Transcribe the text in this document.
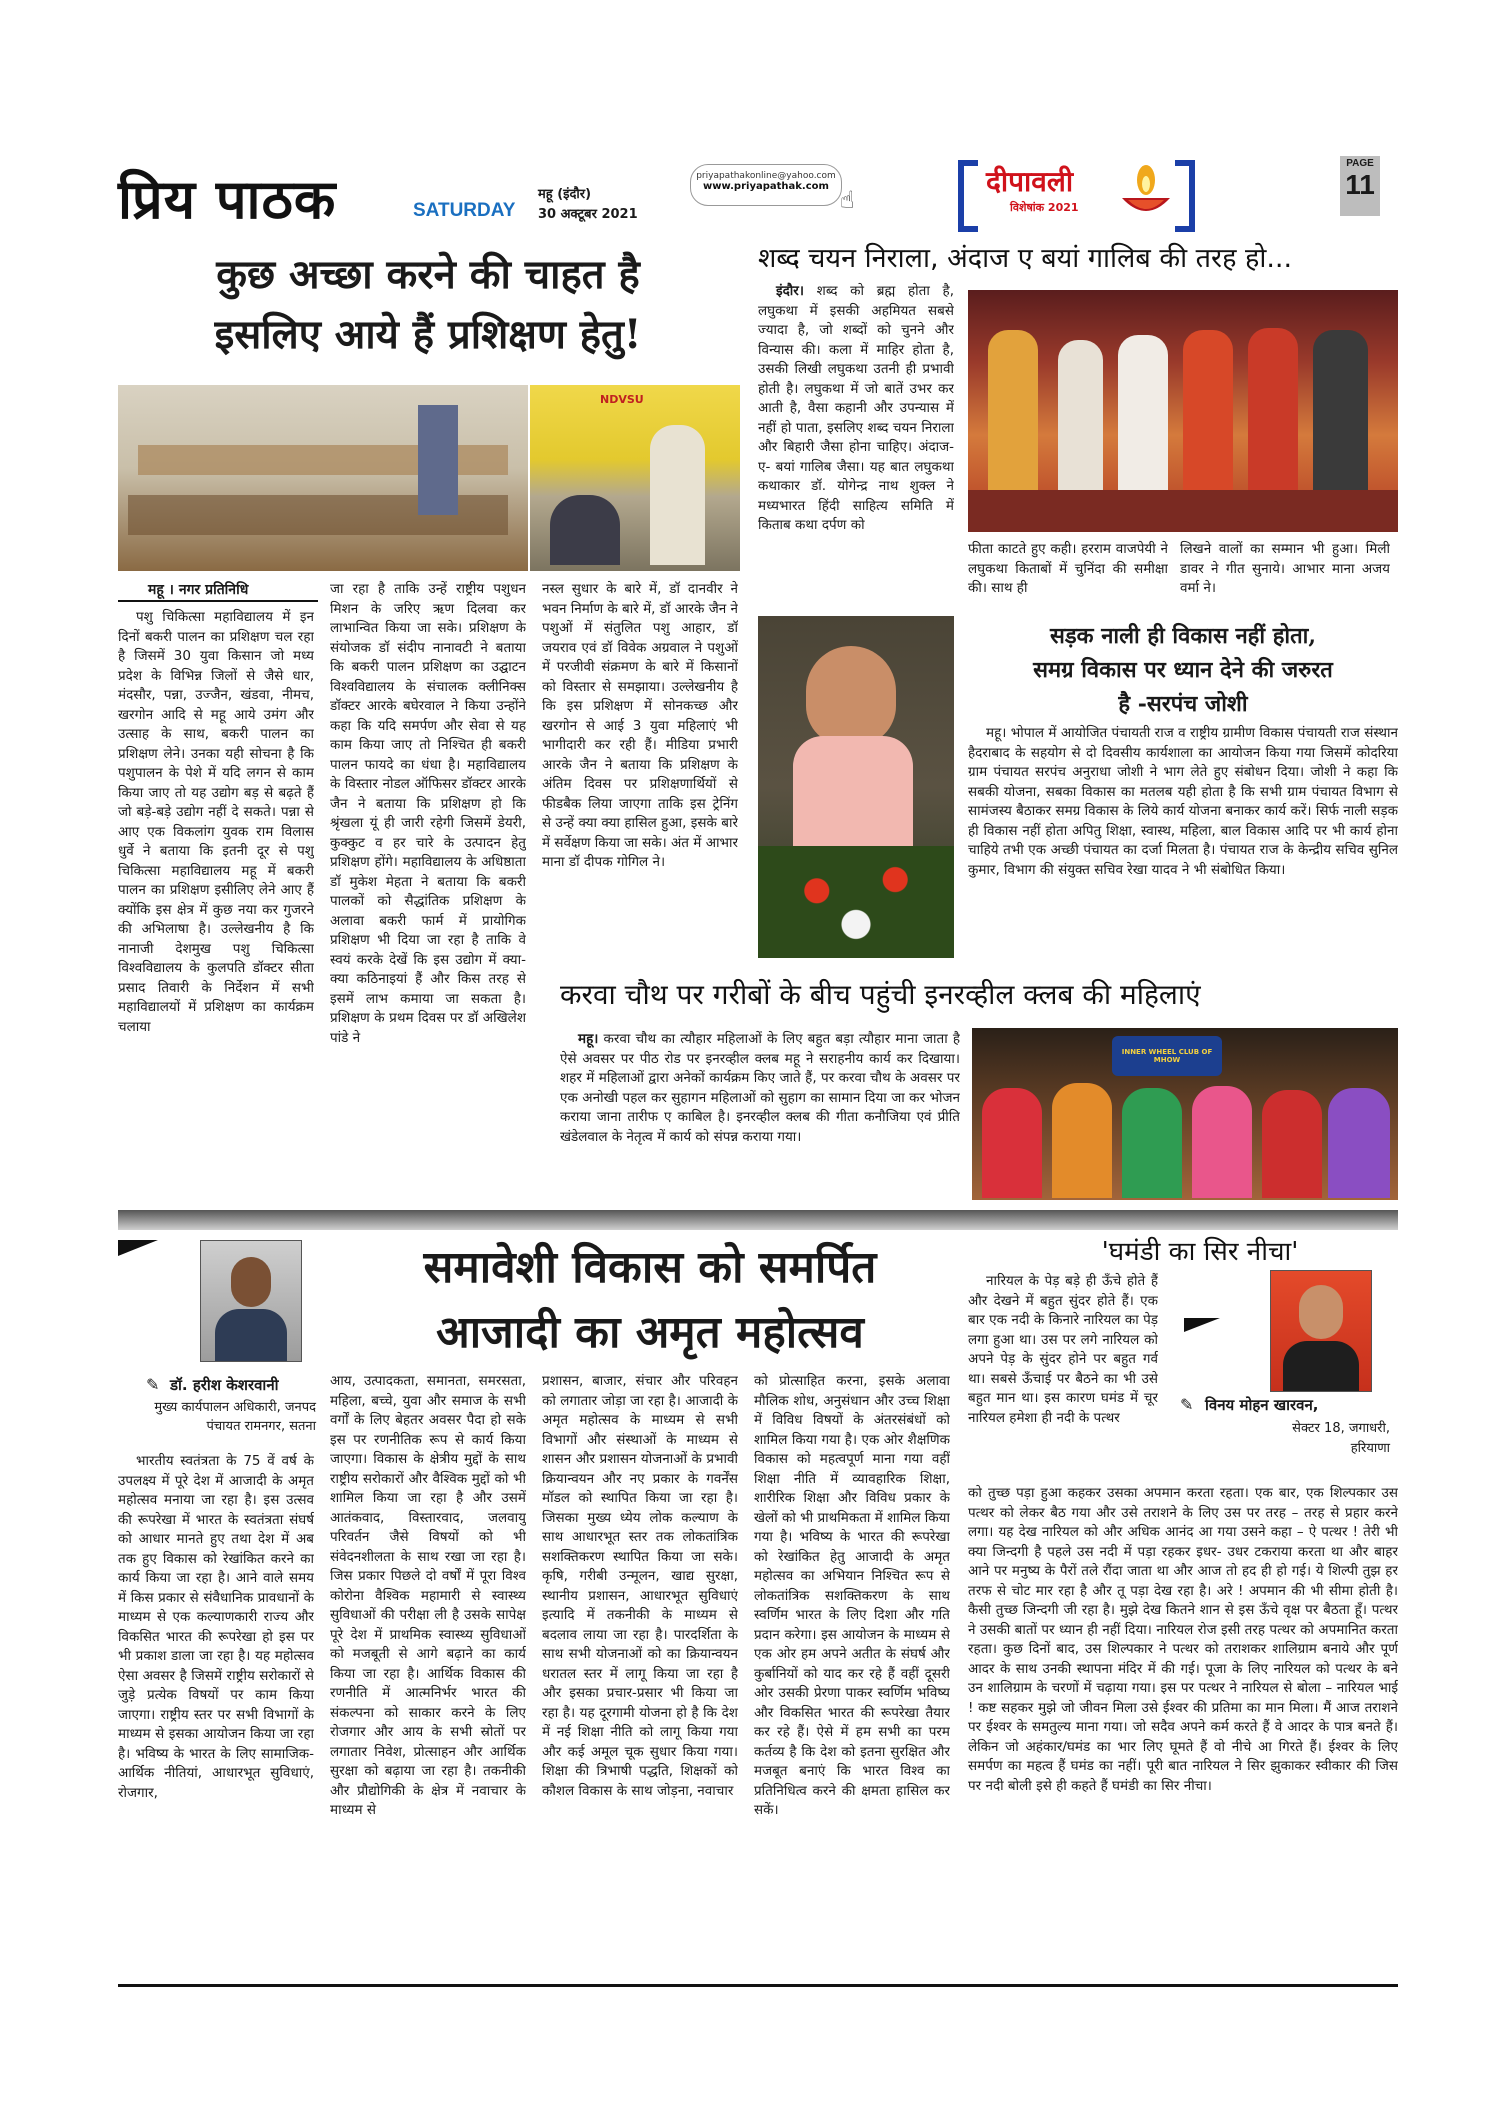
प्रिय पाठक	SATURDAY
महू (इंदौर)
30 अक्टूबर 2021
priyapathakonline@yahoo.com
www.priyapathak.com ☝
दीपावली
विशेषांक 2021
PAGE
11
कुछ अच्छा करने की चाहत है
इसलिए आये हैं प्रशिक्षण हेतु!
NDVSU
महू । नगर प्रतिनिधि

पशु चिकित्सा महाविद्यालय में इन दिनों बकरी पालन का प्रशिक्षण चल रहा है जिसमें 30 युवा किसान जो मध्य प्रदेश के विभिन्न जिलों से जैसे धार, मंदसौर, पन्ना, उज्जैन, खंडवा, नीमच, खरगोन आदि से महू आये उमंग और उत्साह के साथ, बकरी पालन का प्रशिक्षण लेने। उनका यही सोचना है कि पशुपालन के पेशे में यदि लगन से काम किया जाए तो यह उद्योग बड़ से बढ़ते हैं जो बड़े-बड़े उद्योग नहीं दे सकते। पन्ना से आए एक विकलांग युवक राम विलास धुर्वे ने बताया कि इतनी दूर से पशु चिकित्सा महाविद्यालय महू में बकरी पालन का प्रशिक्षण इसीलिए लेने आए हैं क्योंकि इस क्षेत्र में कुछ नया कर गुजरने की अभिलाषा है। उल्लेखनीय है कि नानाजी देशमुख पशु चिकित्सा विश्वविद्यालय के कुलपति डॉक्टर सीता प्रसाद तिवारी के निर्देशन में सभी महाविद्यालयों में प्रशिक्षण का कार्यक्रम चलाया

जा रहा है ताकि उन्हें राष्ट्रीय पशुधन मिशन के जरिए ऋण दिलवा कर लाभान्वित किया जा सके। प्रशिक्षण के संयोजक डॉ संदीप नानावटी ने बताया कि बकरी पालन प्रशिक्षण का उद्घाटन विश्वविद्यालय के संचालक क्लीनिक्स डॉक्टर आरके बघेरवाल ने किया उन्होंने कहा कि यदि समर्पण और सेवा से यह काम किया जाए तो निश्चित ही बकरी पालन फायदे का धंधा है। महाविद्यालय के विस्तार नोडल ऑफिसर डॉक्टर आरके जैन ने बताया कि प्रशिक्षण हो कि श्रृंखला यूं ही जारी रहेगी जिसमें डेयरी, कुक्कुट व हर चारे के उत्पादन हेतु प्रशिक्षण होंगे। महाविद्यालय के अधिष्ठाता डॉ मुकेश मेहता ने बताया कि बकरी पालकों को सैद्धांतिक प्रशिक्षण के अलावा बकरी फार्म में प्रायोगिक प्रशिक्षण भी दिया जा रहा है ताकि वे स्वयं करके देखें कि इस उद्योग में क्या-क्या कठिनाइयां हैं और किस तरह से इसमें लाभ कमाया जा सकता है। प्रशिक्षण के प्रथम दिवस पर डॉ अखिलेश पांडे ने

नस्ल सुधार के बारे में, डॉ दानवीर ने भवन निर्माण के बारे में, डॉ आरके जैन ने पशुओं में संतुलित पशु आहार, डॉ जयराव एवं डॉ विवेक अग्रवाल ने पशुओं में परजीवी संक्रमण के बारे में किसानों को विस्तार से समझाया। उल्लेखनीय है कि इस प्रशिक्षण में सोनकच्छ और खरगोन से आई 3 युवा महिलाएं भी भागीदारी कर रही हैं। मीडिया प्रभारी आरके जैन ने बताया कि प्रशिक्षण के अंतिम दिवस पर प्रशिक्षणार्थियों से फीडबैक लिया जाएगा ताकि इस ट्रेनिंग से उन्हें क्या क्या हासिल हुआ, इसके बारे में सर्वेक्षण किया जा सके। अंत में आभार माना डॉ दीपक गोगिल ने।

शब्द चयन निराला, अंदाज ए बयां गालिब की तरह हो...

इंदौर। शब्द को ब्रह्म होता है, लघुकथा में इसकी अहमियत सबसे ज्यादा है, जो शब्दों को चुनने और विन्यास की। कला में माहिर होता है, उसकी लिखी लघुकथा उतनी ही प्रभावी होती है। लघुकथा में जो बातें उभर कर आती है, वैसा कहानी और उपन्यास में नहीं हो पाता, इसलिए शब्द चयन निराला और बिहारी जैसा होना चाहिए। अंदाज-ए- बयां गालिब जैसा। यह बात लघुकथा कथाकार डॉ. योगेन्द्र नाथ शुक्ल ने मध्यभारत हिंदी साहित्य समिति में किताब कथा दर्पण को

फीता काटते हुए कही। हरराम वाजपेयी ने लघुकथा किताबों में चुनिंदा की समीक्षा की। साथ ही

लिखने वालों का सम्मान भी हुआ। मिली डावर ने गीत सुनाये। आभार माना अजय वर्मा ने।

सड़क नाली ही विकास नहीं होता,
समग्र विकास पर ध्यान देने की जरुरत
है -सरपंच जोशी

महू। भोपाल में आयोजित पंचायती राज व राष्ट्रीय ग्रामीण विकास पंचायती राज संस्थान हैदराबाद के सहयोग से दो दिवसीय कार्यशाला का आयोजन किया गया जिसमें कोदरिया ग्राम पंचायत सरपंच अनुराधा जोशी ने भाग लेते हुए संबोधन दिया। जोशी ने कहा कि सबकी योजना, सबका विकास का मतलब यही होता है कि सभी ग्राम पंचायत विभाग से सामंजस्य बैठाकर समग्र विकास के लिये कार्य योजना बनाकर कार्य करें। सिर्फ नाली सड़क ही विकास नहीं होता अपितु शिक्षा, स्वास्थ, महिला, बाल विकास आदि पर भी कार्य होना चाहिये तभी एक अच्छी पंचायत का दर्जा मिलता है। पंचायत राज के केन्द्रीय सचिव सुनिल कुमार, विभाग की संयुक्त सचिव रेखा यादव ने भी संबोधित किया।

करवा चौथ पर गरीबों के बीच पहुंची इनरव्हील क्लब की महिलाएं

महू। करवा चौथ का त्यौहार महिलाओं के लिए बहुत बड़ा त्यौहार माना जाता है ऐसे अवसर पर पीठ रोड पर इनरव्हील क्लब महू ने सराहनीय कार्य कर दिखाया। शहर में महिलाओं द्वारा अनेकों कार्यक्रम किए जाते हैं, पर करवा चौथ के अवसर पर एक अनोखी पहल कर सुहागन महिलाओं को सुहाग का सामान दिया जा कर भोजन कराया जाना तारीफ ए काबिल है। इनरव्हील क्लब की गीता कनौजिया एवं प्रीति खंडेलवाल के नेतृत्व में कार्य को संपन्न कराया गया।

INNER WHEEL CLUB OF MHOW
✎ डॉ. हरीश केशरवानी
मुख्य कार्यपालन अधिकारी, जनपद पंचायत रामनगर, सतना
समावेशी विकास को समर्पित
आजादी का अमृत महोत्सव

भारतीय स्वतंत्रता के 75 वें वर्ष के उपलक्ष्य में पूरे देश में आजादी के अमृत महोत्सव मनाया जा रहा है। इस उत्सव की रूपरेखा में भारत के स्वतंत्रता संघर्ष को आधार मानते हुए तथा देश में अब तक हुए विकास को रेखांकित करने का कार्य किया जा रहा है। आने वाले समय में किस प्रकार से संवैधानिक प्रावधानों के माध्यम से एक कल्याणकारी राज्य और विकसित भारत की रूपरेखा हो इस पर भी प्रकाश डाला जा रहा है। यह महोत्सव ऐसा अवसर है जिसमें राष्ट्रीय सरोकारों से जुड़े प्रत्येक विषयों पर काम किया जाएगा। राष्ट्रीय स्तर पर सभी विभागों के माध्यम से इसका आयोजन किया जा रहा है। भविष्य के भारत के लिए सामाजिक-आर्थिक नीतियां, आधारभूत सुविधाएं, रोजगार,

आय, उत्पादकता, समानता, समरसता, महिला, बच्चे, युवा और समाज के सभी वर्गों के लिए बेहतर अवसर पैदा हो सके इस पर रणनीतिक रूप से कार्य किया जाएगा। विकास के क्षेत्रीय मुद्दों के साथ राष्ट्रीय सरोकारों और वैश्विक मुद्दों को भी शामिल किया जा रहा है और उसमें आतंकवाद, विस्तारवाद, जलवायु परिवर्तन जैसे विषयों को भी संवेदनशीलता के साथ रखा जा रहा है। जिस प्रकार पिछले दो वर्षों में पूरा विश्व कोरोना वैश्विक महामारी से स्वास्थ्य सुविधाओं की परीक्षा ली है उसके सापेक्ष पूरे देश में प्राथमिक स्वास्थ्य सुविधाओं को मजबूती से आगे बढ़ाने का कार्य किया जा रहा है। आर्थिक विकास की रणनीति में आत्मनिर्भर भारत की संकल्पना को साकार करने के लिए रोजगार और आय के सभी स्रोतों पर लगातार निवेश, प्रोत्साहन और आर्थिक सुरक्षा को बढ़ाया जा रहा है। तकनीकी और प्रौद्योगिकी के क्षेत्र में नवाचार के माध्यम से

प्रशासन, बाजार, संचार और परिवहन को लगातार जोड़ा जा रहा है। आजादी के अमृत महोत्सव के माध्यम से सभी विभागों और संस्थाओं के माध्यम से शासन और प्रशासन योजनाओं के प्रभावी क्रियान्वयन और नए प्रकार के गवर्नेंस मॉडल को स्थापित किया जा रहा है। जिसका मुख्य ध्येय लोक कल्याण के साथ आधारभूत स्तर तक लोकतांत्रिक सशक्तिकरण स्थापित किया जा सके। कृषि, गरीबी उन्मूलन, खाद्य सुरक्षा, स्थानीय प्रशासन, आधारभूत सुविधाएं इत्यादि में तकनीकी के माध्यम से बदलाव लाया जा रहा है। पारदर्शिता के साथ सभी योजनाओं को का क्रियान्वयन धरातल स्तर में लागू किया जा रहा है और इसका प्रचार-प्रसार भी किया जा रहा है। यह दूरगामी योजना हो है कि देश में नई शिक्षा नीति को लागू किया गया और कई अमूल चूक सुधार किया गया। शिक्षा की त्रिभाषी पद्धति, शिक्षकों को कौशल विकास के साथ जोड़ना, नवाचार

को प्रोत्साहित करना, इसके अलावा मौलिक शोध, अनुसंधान और उच्च शिक्षा में विविध विषयों के अंतरसंबंधों को शामिल किया गया है। एक ओर शैक्षणिक विकास को महत्वपूर्ण माना गया वहीं शिक्षा नीति में व्यावहारिक शिक्षा, शारीरिक शिक्षा और विविध प्रकार के खेलों को भी प्राथमिकता में शामिल किया गया है। भविष्य के भारत की रूपरेखा को रेखांकित हेतु आजादी के अमृत महोत्सव का अभियान निश्चित रूप से लोकतांत्रिक सशक्तिकरण के साथ स्वर्णिम भारत के लिए दिशा और गति प्रदान करेगा। इस आयोजन के माध्यम से एक ओर हम अपने अतीत के संघर्ष और कुर्बानियों को याद कर रहे हैं वहीं दूसरी ओर उसकी प्रेरणा पाकर स्वर्णिम भविष्य और विकसित भारत की रूपरेखा तैयार कर रहे हैं। ऐसे में हम सभी का परम कर्तव्य है कि देश को इतना सुरक्षित और मजबूत बनाएं कि भारत विश्व का प्रतिनिधित्व करने की क्षमता हासिल कर सकें।

'घमंडी का सिर नीचा'

नारियल के पेड़ बड़े ही ऊँचे होते हैं और देखने में बहुत सुंदर होते हैं। एक बार एक नदी के किनारे नारियल का पेड़ लगा हुआ था। उस पर लगे नारियल को अपने पेड़ के सुंदर होने पर बहुत गर्व था। सबसे ऊँचाई पर बैठने का भी उसे बहुत मान था। इस कारण घमंड में चूर नारियल हमेशा ही नदी के पत्थर

✎ विनय मोहन खारवन,
सेक्टर 18, जगाधरी,
हरियाणा

को तुच्छ पड़ा हुआ कहकर उसका अपमान करता रहता। एक बार, एक शिल्पकार उस पत्थर को लेकर बैठ गया और उसे तराशने के लिए उस पर तरह – तरह से प्रहार करने लगा। यह देख नारियल को और अधिक आनंद आ गया उसने कहा – ऐ पत्थर ! तेरी भी क्या जिन्दगी है पहले उस नदी में पड़ा रहकर इधर- उधर टकराया करता था और बाहर आने पर मनुष्य के पैरों तले रौंदा जाता था और आज तो हद ही हो गई। ये शिल्पी तुझ हर तरफ से चोट मार रहा है और तू पड़ा देख रहा है। अरे ! अपमान की भी सीमा होती है। कैसी तुच्छ जिन्दगी जी रहा है। मुझे देख कितने शान से इस ऊँचे वृक्ष पर बैठता हूँ। पत्थर ने उसकी बातों पर ध्यान ही नहीं दिया। नारियल रोज इसी तरह पत्थर को अपमानित करता रहता। कुछ दिनों बाद, उस शिल्पकार ने पत्थर को तराशकर शालिग्राम बनाये और पूर्ण आदर के साथ उनकी स्थापना मंदिर में की गई। पूजा के लिए नारियल को पत्थर के बने उन शालिग्राम के चरणों में चढ़ाया गया। इस पर पत्थर ने नारियल से बोला – नारियल भाई ! कष्ट सहकर मुझे जो जीवन मिला उसे ईश्वर की प्रतिमा का मान मिला। मैं आज तराशने पर ईश्वर के समतुल्य माना गया। जो सदैव अपने कर्म करते हैं वे आदर के पात्र बनते हैं। लेकिन जो अहंकार/घमंड का भार लिए घूमते हैं वो नीचे आ गिरते हैं। ईश्वर के लिए समर्पण का महत्व हैं घमंड का नहीं। पूरी बात नारियल ने सिर झुकाकर स्वीकार की जिस पर नदी बोली इसे ही कहते हैं घमंडी का सिर नीचा।
